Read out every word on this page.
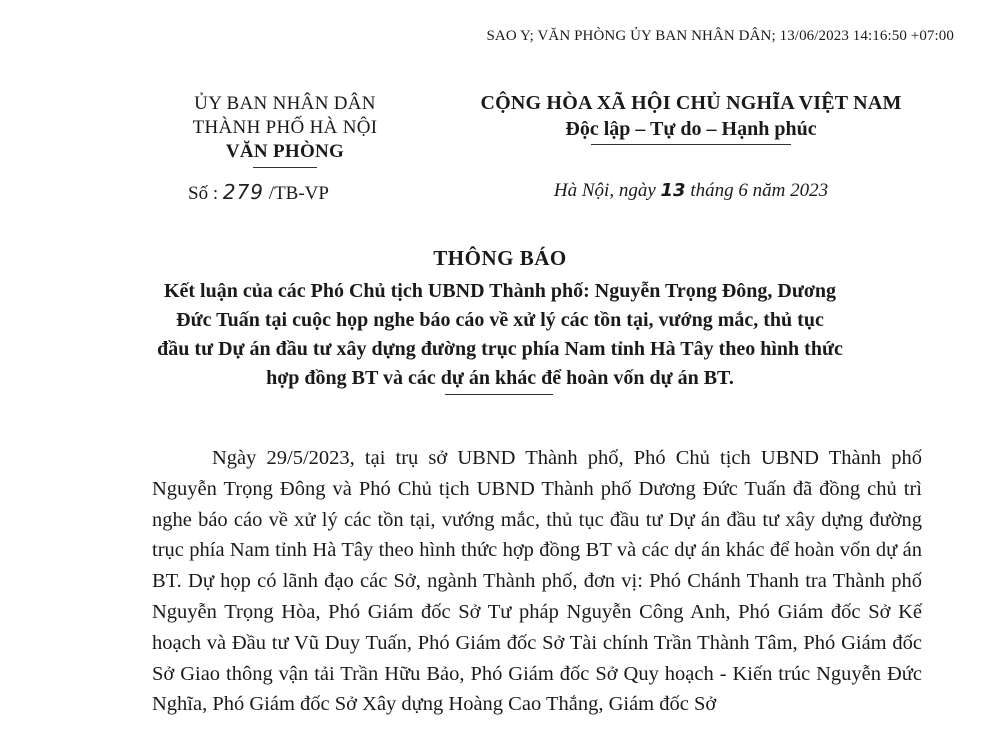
SAO Y; VĂN PHÒNG ỦY BAN NHÂN DÂN; 13/06/2023 14:16:50 +07:00
ỦY BAN NHÂN DÂN
THÀNH PHỐ HÀ NỘI
VĂN PHÒNG
Số : 279 /TB-VP
CỘNG HÒA XÃ HỘI CHỦ NGHĨA VIỆT NAM
Độc lập – Tự do – Hạnh phúc
Hà Nội, ngày 13 tháng 6 năm 2023
THÔNG BÁO
Kết luận của các Phó Chủ tịch UBND Thành phố: Nguyễn Trọng Đông, Dương
Đức Tuấn tại cuộc họp nghe báo cáo về xử lý các tồn tại, vướng mắc, thủ tục
đầu tư Dự án đầu tư xây dựng đường trục phía Nam tỉnh Hà Tây theo hình thức
hợp đồng BT và các dự án khác để hoàn vốn dự án BT.

Ngày 29/5/2023, tại trụ sở UBND Thành phố, Phó Chủ tịch UBND Thành phố Nguyễn Trọng Đông và Phó Chủ tịch UBND Thành phố Dương Đức Tuấn đã đồng chủ trì nghe báo cáo về xử lý các tồn tại, vướng mắc, thủ tục đầu tư Dự án đầu tư xây dựng đường trục phía Nam tỉnh Hà Tây theo hình thức hợp đồng BT và các dự án khác để hoàn vốn dự án BT. Dự họp có lãnh đạo các Sở, ngành Thành phố, đơn vị: Phó Chánh Thanh tra Thành phố Nguyễn Trọng Hòa, Phó Giám đốc Sở Tư pháp Nguyễn Công Anh, Phó Giám đốc Sở Kế hoạch và Đầu tư Vũ Duy Tuấn, Phó Giám đốc Sở Tài chính Trần Thành Tâm, Phó Giám đốc Sở Giao thông vận tải Trần Hữu Bảo, Phó Giám đốc Sở Quy hoạch - Kiến trúc Nguyễn Đức Nghĩa, Phó Giám đốc Sở Xây dựng Hoàng Cao Thắng, Giám đốc Sở
